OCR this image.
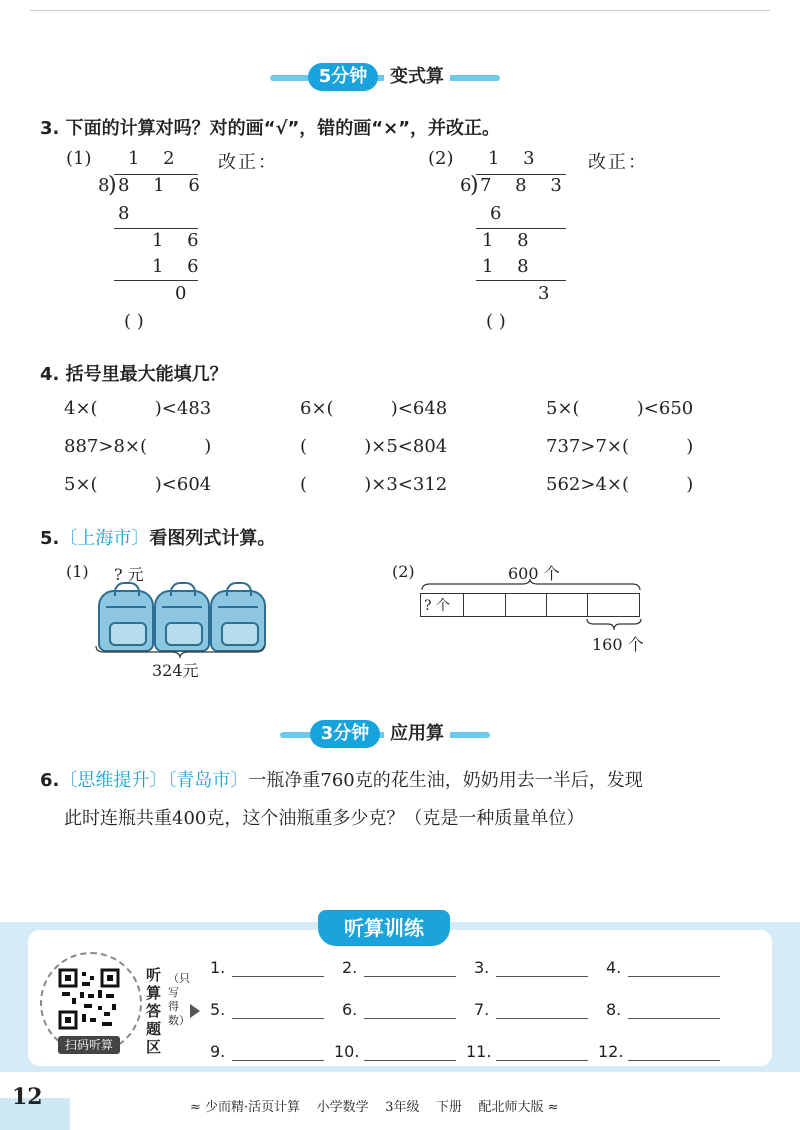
5分钟	变式算
3. 下面的计算对吗？对的画“√”，错的画“×”，并改正。
(1) 1 2 改正：
8
) 8 1 6
8
1 6
1 6
0
( )
(2) 1 3 改正：
6
) 7 8 3
6
1 8
1 8
3
( )
4. 括号里最大能填几？
4×(          )<483	6×(          )<648	5×(          )<650
887>8×(          )	(          )×5<804	737>7×(          )
5×(          )<604	(          )×3<312	562>4×(          )
5.〔上海市〕看图列式计算。
(1) ? 元
324元
(2)	600 个
? 个
160 个
3分钟	应用算
6.〔思维提升〕〔青岛市〕一瓶净重760克的花生油，奶奶用去一半后，发现
此时连瓶共重400克，这个油瓶重多少克？（克是一种质量单位）
听算训练
扫码听算
听算答题区
（只写得数）
1.	2.	3.	4.
5.	6.	7.	8.
9.	10.	11.	12.
12	≈ 少而精·活页计算    小学数学    3年级    下册    配北师大版 ≈
